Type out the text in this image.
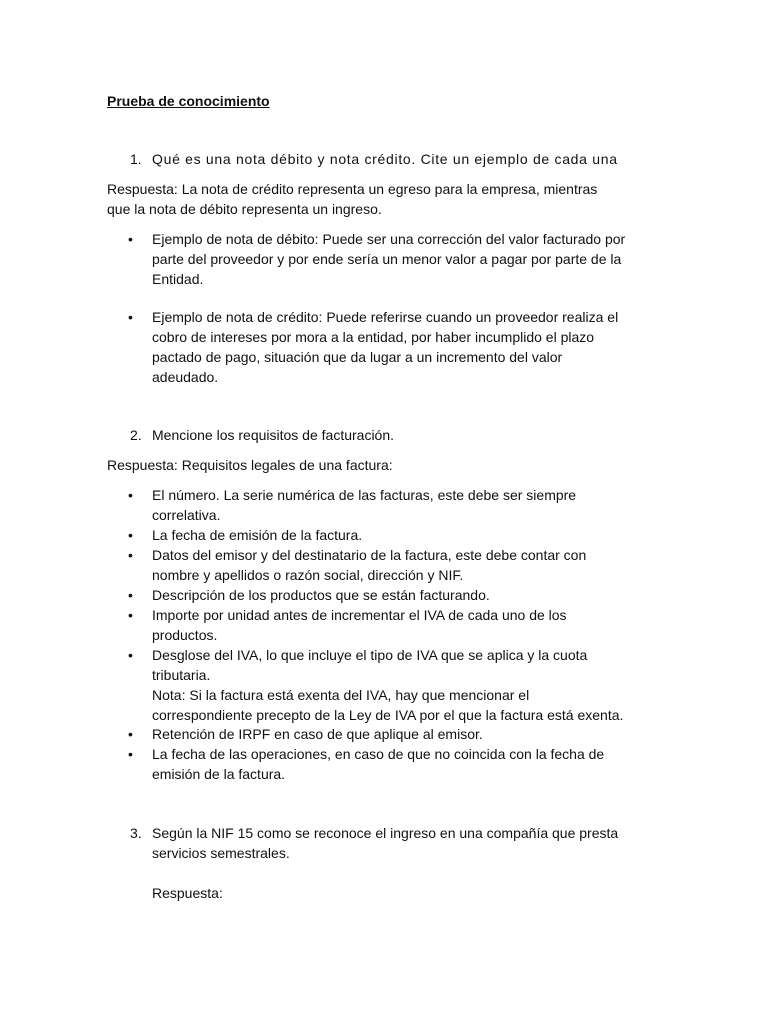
Prueba de conocimiento
1. Qué es una nota débito y nota crédito. Cite un ejemplo de cada una
Respuesta: La nota de crédito representa un egreso para la empresa, mientras
que la nota de débito representa un ingreso.
• Ejemplo de nota de débito: Puede ser una corrección del valor facturado por
parte del proveedor y por ende sería un menor valor a pagar por parte de la
Entidad.
• Ejemplo de nota de crédito: Puede referirse cuando un proveedor realiza el
cobro de intereses por mora a la entidad, por haber incumplido el plazo
pactado de pago, situación que da lugar a un incremento del valor
adeudado.
2. Mencione los requisitos de facturación.
Respuesta: Requisitos legales de una factura:
• El número. La serie numérica de las facturas, este debe ser siempre
correlativa.
• La fecha de emisión de la factura.
• Datos del emisor y del destinatario de la factura, este debe contar con
nombre y apellidos o razón social, dirección y NIF.
• Descripción de los productos que se están facturando.
• Importe por unidad antes de incrementar el IVA de cada uno de los
productos.
• Desglose del IVA, lo que incluye el tipo de IVA que se aplica y la cuota
tributaria.
Nota: Si la factura está exenta del IVA, hay que mencionar el
correspondiente precepto de la Ley de IVA por el que la factura está exenta.
• Retención de IRPF en caso de que aplique al emisor.
• La fecha de las operaciones, en caso de que no coincida con la fecha de
emisión de la factura.
3. Según la NIF 15 como se reconoce el ingreso en una compañía que presta
servicios semestrales.
Respuesta:
